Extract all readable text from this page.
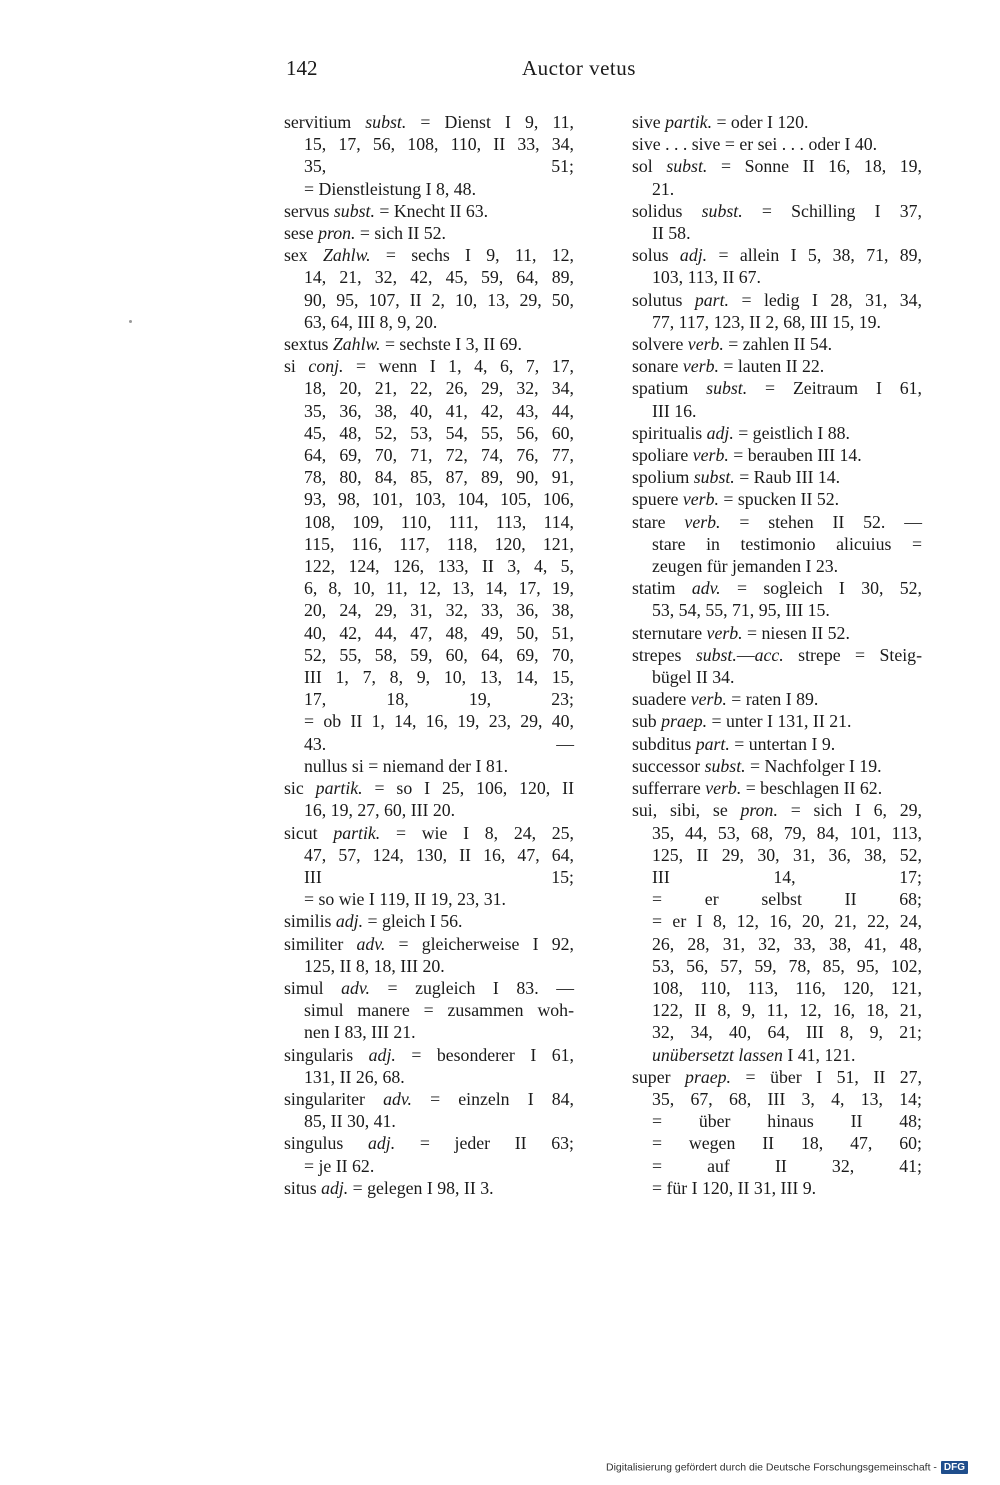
142	Auctor vetus
servitium subst. = Dienst I 9, 11,
15, 17, 56, 108, 110, II 33, 34,
35, 51;
= Dienstleistung I 8, 48.
servus subst. = Knecht II 63.
sese pron. = sich II 52.
sex Zahlw. = sechs I 9, 11, 12,
14, 21, 32, 42, 45, 59, 64, 89,
90, 95, 107, II 2, 10, 13, 29, 50,
63, 64, III 8, 9, 20.
sextus Zahlw. = sechste I 3, II 69.
si conj. = wenn I 1, 4, 6, 7, 17,
18, 20, 21, 22, 26, 29, 32, 34,
35, 36, 38, 40, 41, 42, 43, 44,
45, 48, 52, 53, 54, 55, 56, 60,
64, 69, 70, 71, 72, 74, 76, 77,
78, 80, 84, 85, 87, 89, 90, 91,
93, 98, 101, 103, 104, 105, 106,
108, 109, 110, 111, 113, 114,
115, 116, 117, 118, 120, 121,
122, 124, 126, 133, II 3, 4, 5,
6, 8, 10, 11, 12, 13, 14, 17, 19,
20, 24, 29, 31, 32, 33, 36, 38,
40, 42, 44, 47, 48, 49, 50, 51,
52, 55, 58, 59, 60, 64, 69, 70,
III 1, 7, 8, 9, 10, 13, 14, 15,
17, 18, 19, 23;
= ob II 1, 14, 16, 19, 23, 29, 40,
43. —
nullus si = niemand der I 81.
sic partik. = so I 25, 106, 120, II
16, 19, 27, 60, III 20.
sicut partik. = wie I 8, 24, 25,
47, 57, 124, 130, II 16, 47, 64,
III 15;
= so wie I 119, II 19, 23, 31.
similis adj. = gleich I 56.
similiter adv. = gleicherweise I 92,
125, II 8, 18, III 20.
simul adv. = zugleich I 83. —
simul manere = zusammen woh-
nen I 83, III 21.
singularis adj. = besonderer I 61,
131, II 26, 68.
singulariter adv. = einzeln I 84,
85, II 30, 41.
singulus adj. = jeder II 63;
= je II 62.
situs adj. = gelegen I 98, II 3.
sive partik. = oder I 120.
sive . . . sive = er sei . . . oder I 40.
sol subst. = Sonne II 16, 18, 19,
21.
solidus subst. = Schilling I 37,
II 58.
solus adj. = allein I 5, 38, 71, 89,
103, 113, II 67.
solutus part. = ledig I 28, 31, 34,
77, 117, 123, II 2, 68, III 15, 19.
solvere verb. = zahlen II 54.
sonare verb. = lauten II 22.
spatium subst. = Zeitraum I 61,
III 16.
spiritualis adj. = geistlich I 88.
spoliare verb. = berauben III 14.
spolium subst. = Raub III 14.
spuere verb. = spucken II 52.
stare verb. = stehen II 52. —
stare in testimonio alicuius =
zeugen für jemanden I 23.
statim adv. = sogleich I 30, 52,
53, 54, 55, 71, 95, III 15.
sternutare verb. = niesen II 52.
strepes subst.—acc. strepe = Steig-
bügel II 34.
suadere verb. = raten I 89.
sub praep. = unter I 131, II 21.
subditus part. = untertan I 9.
successor subst. = Nachfolger I 19.
sufferrare verb. = beschlagen II 62.
sui, sibi, se pron. = sich I 6, 29,
35, 44, 53, 68, 79, 84, 101, 113,
125, II 29, 30, 31, 36, 38, 52,
III 14, 17;
= er selbst II 68;
= er I 8, 12, 16, 20, 21, 22, 24,
26, 28, 31, 32, 33, 38, 41, 48,
53, 56, 57, 59, 78, 85, 95, 102,
108, 110, 113, 116, 120, 121,
122, II 8, 9, 11, 12, 16, 18, 21,
32, 34, 40, 64, III 8, 9, 21;
unübersetzt lassen I 41, 121.
super praep. = über I 51, II 27,
35, 67, 68, III 3, 4, 13, 14;
= über hinaus II 48;
= wegen II 18, 47, 60;
= auf II 32, 41;
= für I 120, II 31, III 9.
Digitalisierung gefördert durch die Deutsche Forschungsgemeinschaft - DFG
